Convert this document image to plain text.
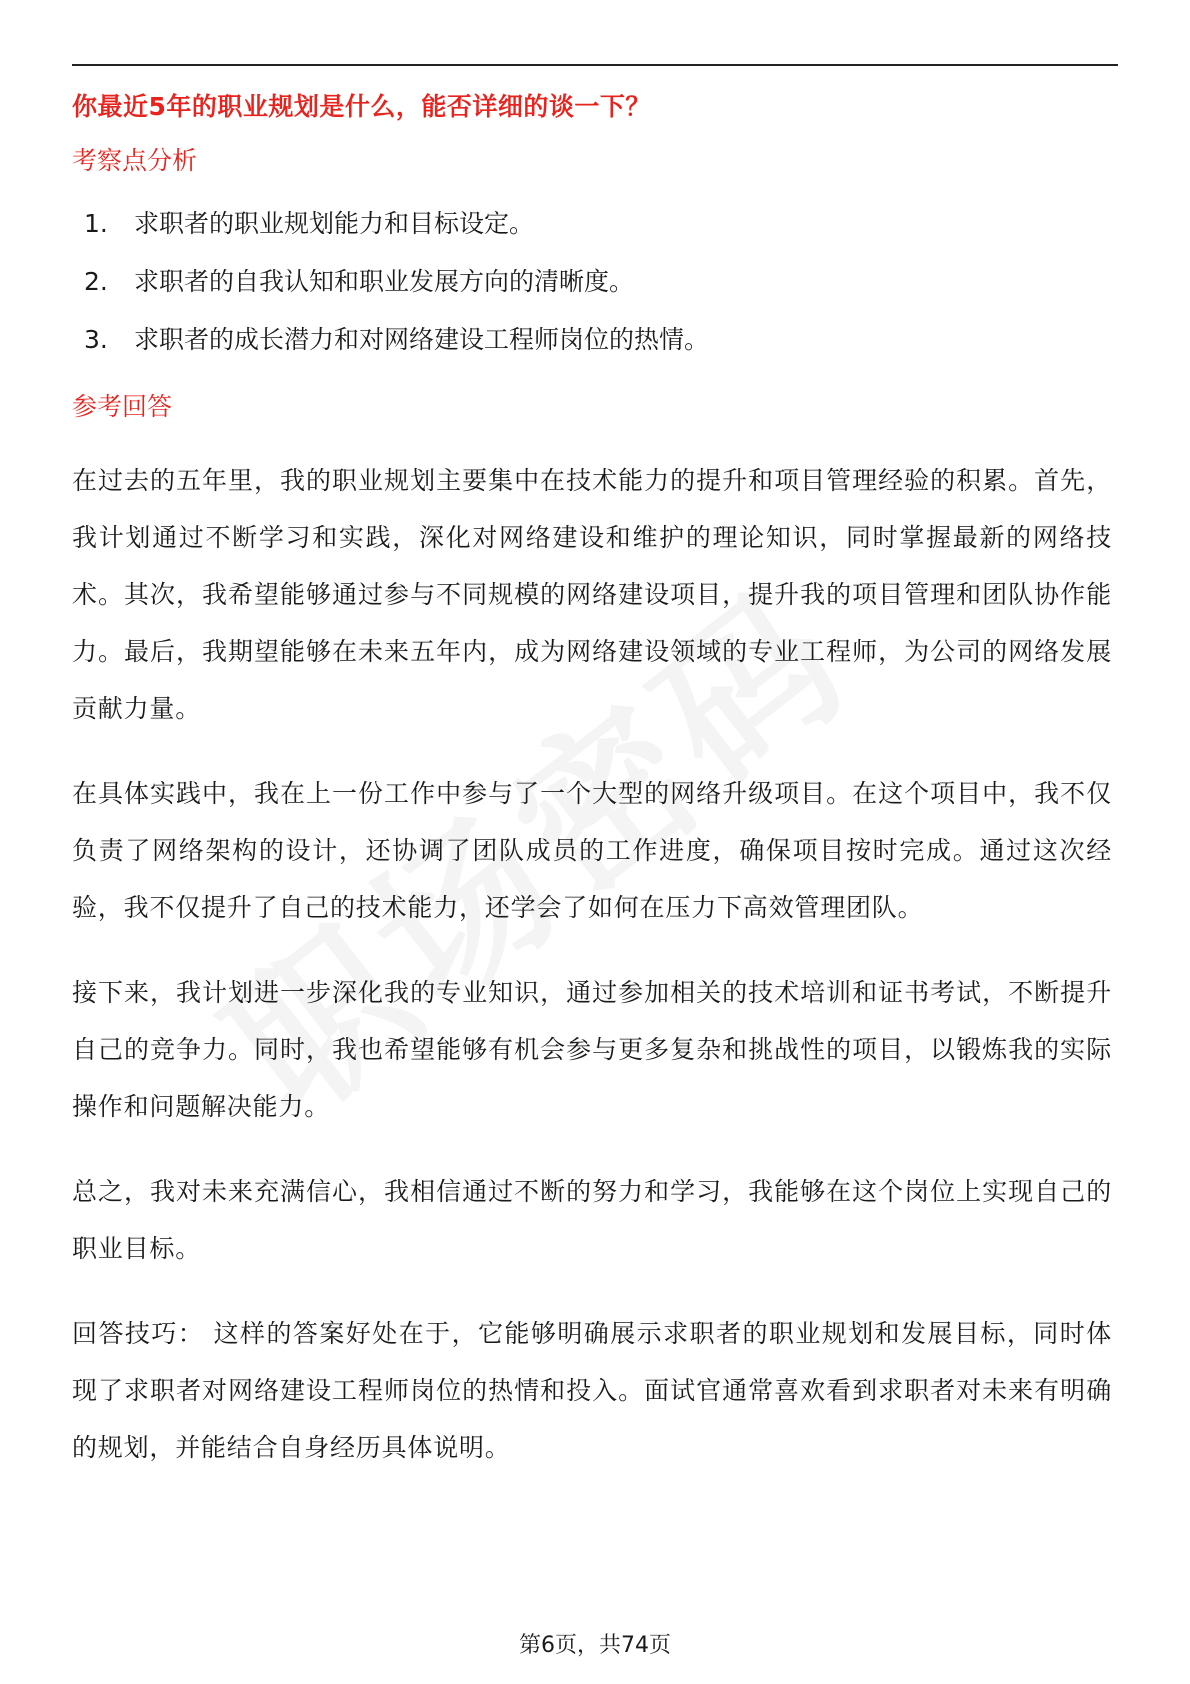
你最近5年的职业规划是什么，能否详细的谈一下？
考察点分析
1.	求职者的职业规划能力和目标设定。
2.	求职者的自我认知和职业发展方向的清晰度。
3.	求职者的成长潜力和对网络建设工程师岗位的热情。
参考回答

在过去的五年里，我的职业规划主要集中在技术能力的提升和项目管理经验的积累。首先，我计划通过不断学习和实践，深化对网络建设和维护的理论知识，同时掌握最新的网络技术。其次，我希望能够通过参与不同规模的网络建设项目，提升我的项目管理和团队协作能力。最后，我期望能够在未来五年内，成为网络建设领域的专业工程师，为公司的网络发展贡献力量。

在具体实践中，我在上一份工作中参与了一个大型的网络升级项目。在这个项目中，我不仅负责了网络架构的设计，还协调了团队成员的工作进度，确保项目按时完成。通过这次经验，我不仅提升了自己的技术能力，还学会了如何在压力下高效管理团队。

接下来，我计划进一步深化我的专业知识，通过参加相关的技术培训和证书考试，不断提升自己的竞争力。同时，我也希望能够有机会参与更多复杂和挑战性的项目，以锻炼我的实际操作和问题解决能力。

总之，我对未来充满信心，我相信通过不断的努力和学习，我能够在这个岗位上实现自己的职业目标。

回答技巧： 这样的答案好处在于，它能够明确展示求职者的职业规划和发展目标，同时体现了求职者对网络建设工程师岗位的热情和投入。面试官通常喜欢看到求职者对未来有明确的规划，并能结合自身经历具体说明。

第6页，共74页
